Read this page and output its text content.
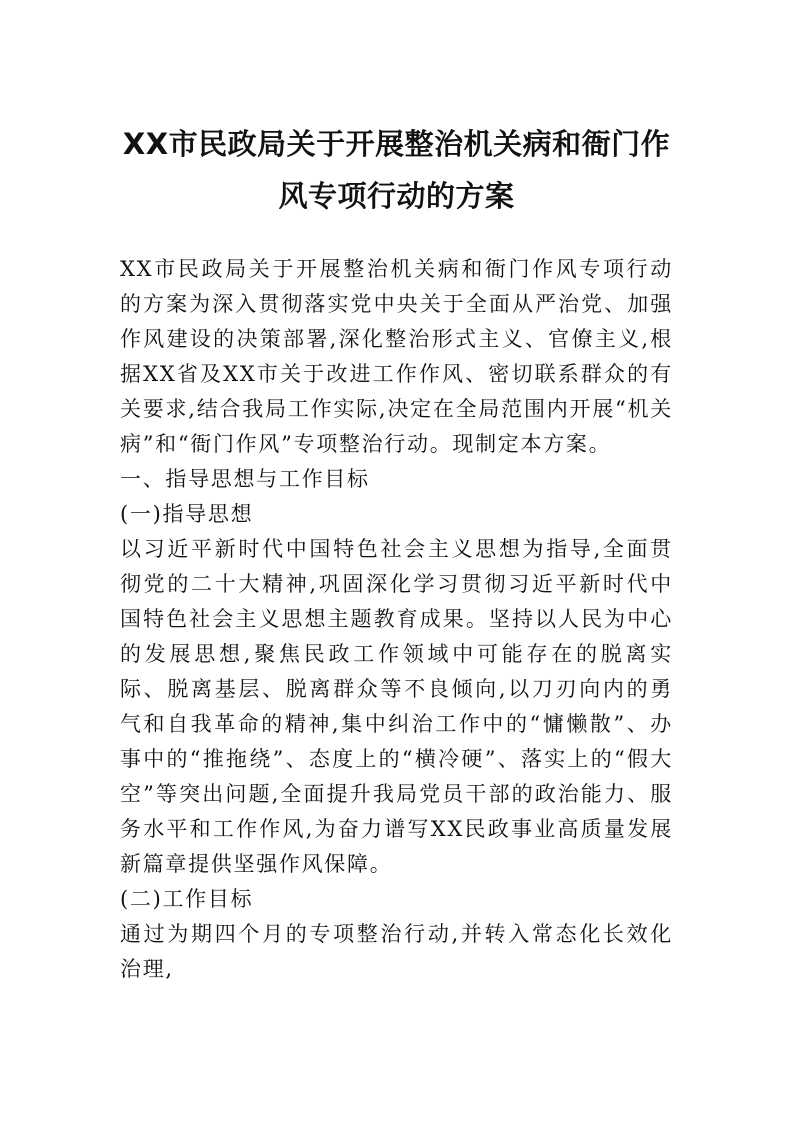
XX市民政局关于开展整治机关病和衙门作
风专项行动的方案

XX市民政局关于开展整治机关病和衙门作风专项行动的方案为深入贯彻落实党中央关于全面从严治党、加强作风建设的决策部署,深化整治形式主义、官僚主义,根据XX省及XX市关于改进工作作风、密切联系群众的有关要求,结合我局工作实际,决定在全局范围内开展“机关病”和“衙门作风”专项整治行动。现制定本方案。

一、指导思想与工作目标

(一)指导思想

以习近平新时代中国特色社会主义思想为指导,全面贯彻党的二十大精神,巩固深化学习贯彻习近平新时代中国特色社会主义思想主题教育成果。坚持以人民为中心的发展思想,聚焦民政工作领域中可能存在的脱离实际、脱离基层、脱离群众等不良倾向,以刀刃向内的勇气和自我革命的精神,集中纠治工作中的“慵懒散”、办事中的“推拖绕”、态度上的“横冷硬”、落实上的“假大空”等突出问题,全面提升我局党员干部的政治能力、服务水平和工作作风,为奋力谱写XX民政事业高质量发展新篇章提供坚强作风保障。

(二)工作目标

通过为期四个月的专项整治行动,并转入常态化长效化治理,
